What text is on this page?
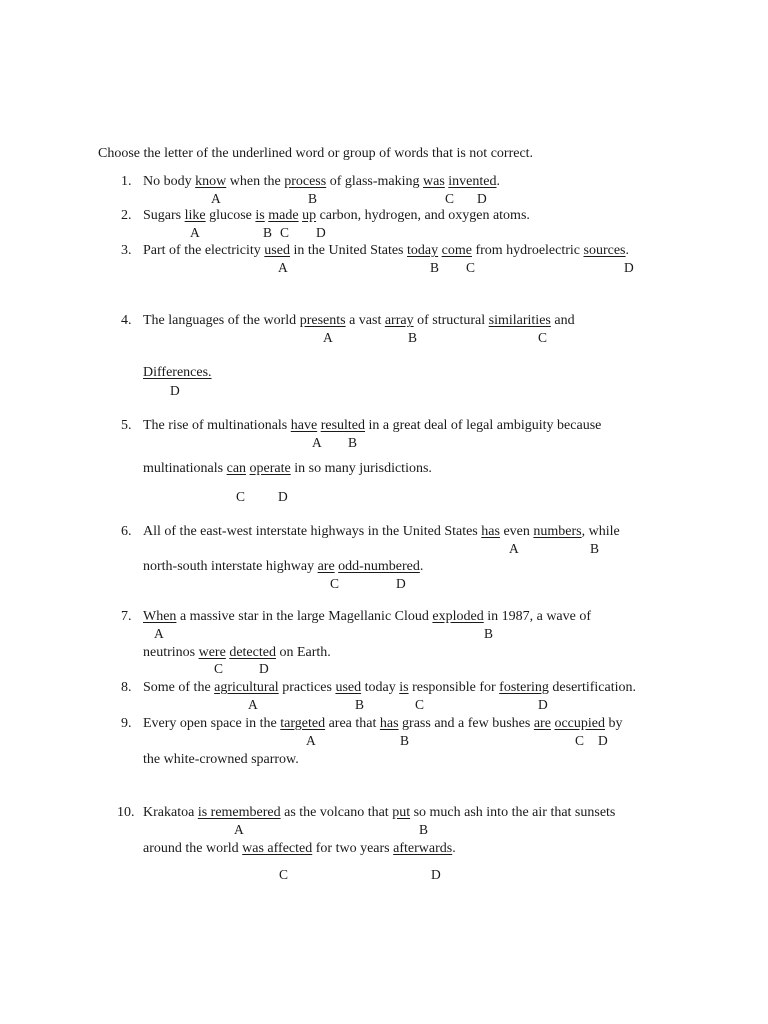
Choose the letter of the underlined word or group of words that is not correct.
1. No body know when the process of glass-making was invented.
A	B	C D
2. Sugars like glucose is made up carbon, hydrogen, and oxygen atoms.
A	B C D
3. Part of the electricity used in the United States today come from hydroelectric sources.
A	B C	D
4. The languages of the world presents a vast array of structural similarities and
A	B	C
Differences.
D
5. The rise of multinationals have resulted in a great deal of legal ambiguity because
A B
multinationals can operate in so many jurisdictions.
C D
6. All of the east-west interstate highways in the United States has even numbers, while
A	B
north-south interstate highway are odd-numbered.
C	D
7. When a massive star in the large Magellanic Cloud exploded in 1987, a wave of
A	B
neutrinos were detected on Earth.
C	D
8. Some of the agricultural practices used today is responsible for fostering desertification.
A	B	C	D
9. Every open space in the targeted area that has grass and a few bushes are occupied by
A	B	C D
the white-crowned sparrow.
10. Krakatoa is remembered as the volcano that put so much ash into the air that sunsets
A	B
around the world was affected for two years afterwards.
C	D
